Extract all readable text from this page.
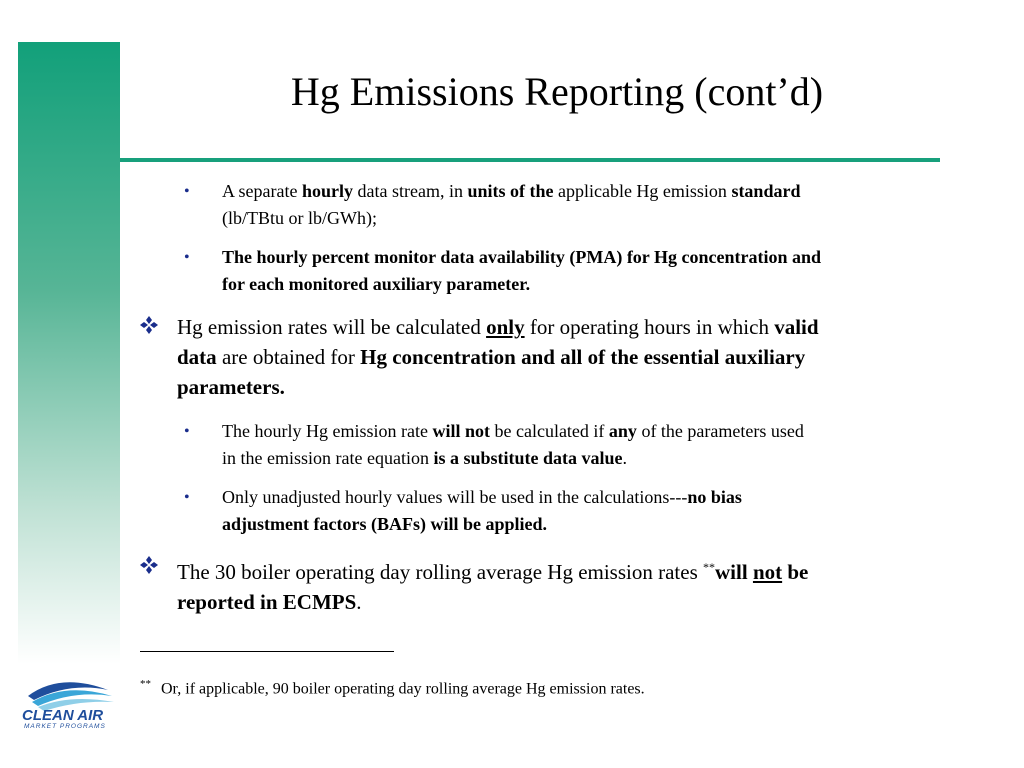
Hg Emissions Reporting (cont’d)
• A separate hourly data stream, in units of the applicable Hg emission standard
(lb/TBtu or lb/GWh);
• The hourly percent monitor data availability (PMA) for Hg concentration and
for each monitored auxiliary parameter.
Hg emission rates will be calculated only for operating hours in which valid
data are obtained for Hg concentration and all of the essential auxiliary
parameters.
• The hourly Hg emission rate will not be calculated if any of the parameters used
in the emission rate equation is a substitute data value.
• Only unadjusted hourly values will be used in the calculations---no bias
adjustment factors (BAFs) will be applied.
The 30 boiler operating day rolling average Hg emission rates **will not be
reported in ECMPS.
** Or, if applicable, 90 boiler operating day rolling average Hg emission rates.
CLEAN AIR
MARKET PROGRAMS
